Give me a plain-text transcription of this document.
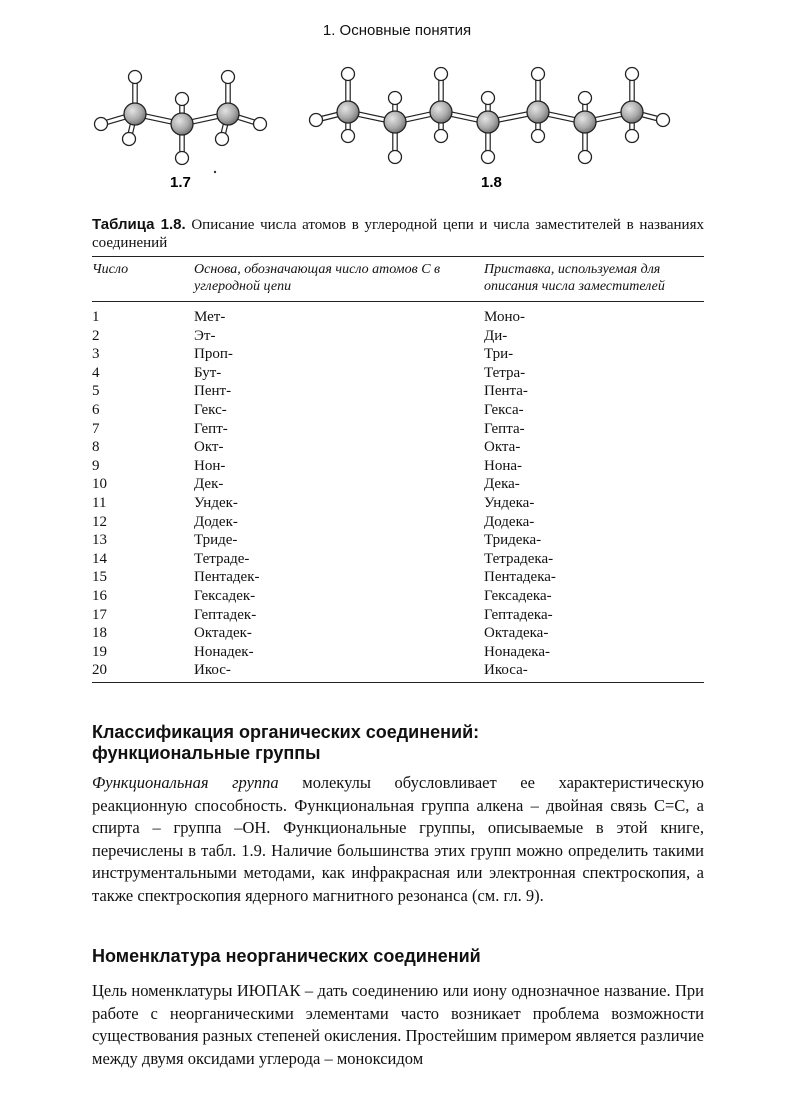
1. Основные понятия
1.7	1.8
Таблица 1.8. Описание числа атомов в углеродной цепи и числа заместителей в названиях соединений
Число	Основа, обозначающая число атомов С в углеродной цепи	Приставка, используемая для описания числа заместителей
1	Мет-	Моно-
2	Эт-	Ди-
3	Проп-	Три-
4	Бут-	Тетра-
5	Пент-	Пента-
6	Гекс-	Гекса-
7	Гепт-	Гепта-
8	Окт-	Окта-
9	Нон-	Нона-
10	Дек-	Дека-
11	Ундек-	Ундека-
12	Додек-	Додека-
13	Триде-	Тридека-
14	Тетраде-	Тетрадека-
15	Пентадек-	Пентадека-
16	Гексадек-	Гексадека-
17	Гептадек-	Гептадека-
18	Октадек-	Октадека-
19	Нонадек-	Нонадека-
20	Икос-	Икоса-
Классификация органических соединений:
функциональные группы

Функциональная группа молекулы обусловливает ее характеристическую реакционную способность. Функциональная группа алкена – двойная связь С=С, а спирта – группа –ОН. Функциональные группы, описываемые в этой книге, перечислены в табл. 1.9. Наличие большинства этих групп можно определить такими инструментальными методами, как инфракрасная или электронная спектроскопия, а также спектроскопия ядерного магнитного резонанса (см. гл. 9).

Номенклатура неорганических соединений

Цель номенклатуры ИЮПАК – дать соединению или иону однозначное название. При работе с неорганическими элементами часто возникает проблема возможности существования разных степеней окисления. Простейшим примером является различие между двумя оксидами углерода – моноксидом
